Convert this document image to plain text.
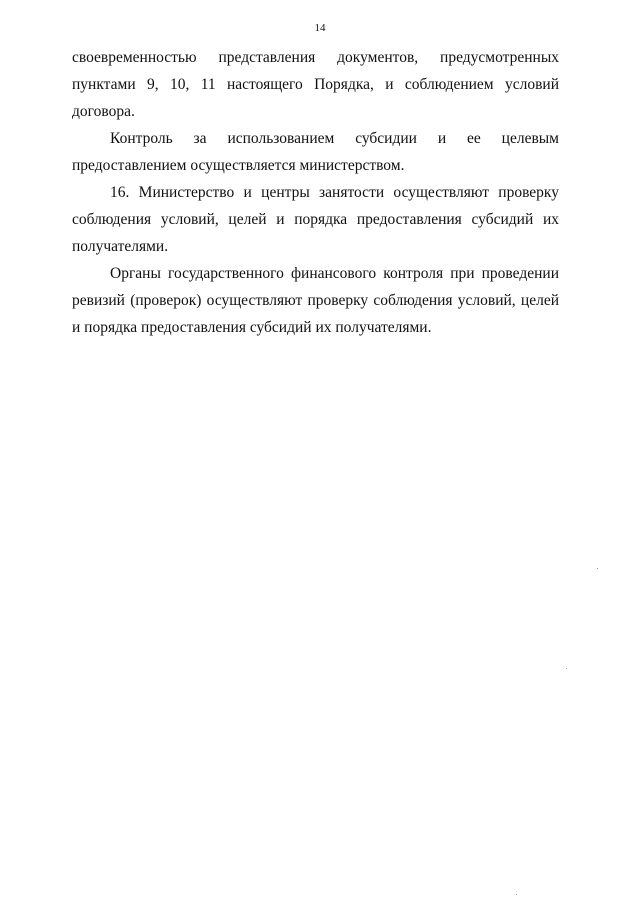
14

своевременностью представления документов, предусмотренных пунктами 9, 10, 11 настоящего Порядка, и соблюдением условий договора.

Контроль за использованием субсидии и ее целевым предоставлением осуществляется министерством.

16. Министерство и центры занятости осуществляют проверку соблюдения условий, целей и порядка предоставления субсидий их получателями.

Органы государственного финансового контроля при проведении ревизий (проверок) осуществляют проверку соблюдения условий, целей и порядка предоставления субсидий их получателями.
